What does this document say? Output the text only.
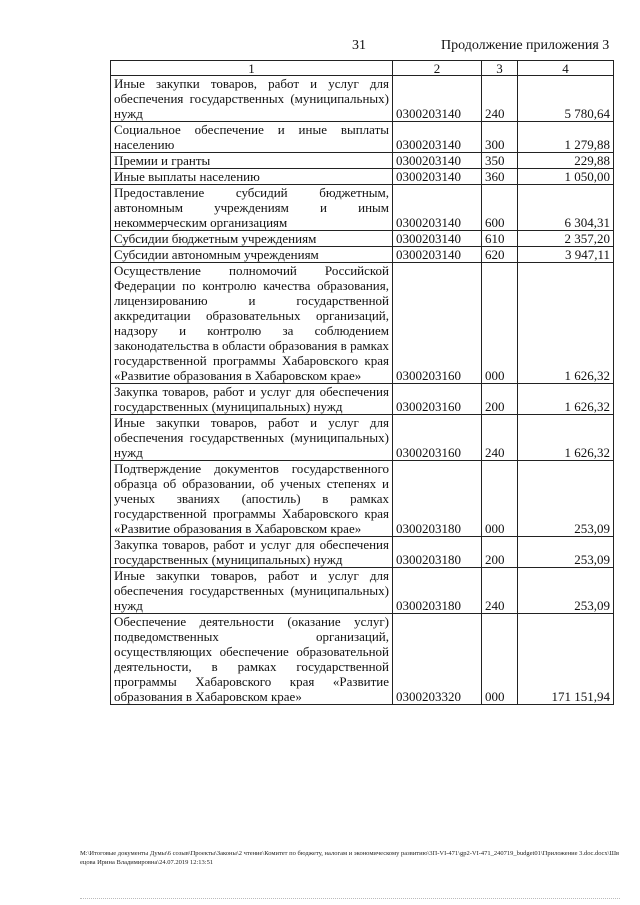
31	Продолжение приложения 3
1	2	3	4
Иные закупки товаров, работ и услуг для обеспечения государственных (муниципальных) нужд	0300203140	240	5 780,64
Социальное обеспечение и иные выплаты населению	0300203140	300	1 279,88
Премии и гранты	0300203140	350	229,88
Иные выплаты населению	0300203140	360	1 050,00
Предоставление субсидий бюджетным, автономным учреждениям и иным некоммерческим организациям	0300203140	600	6 304,31
Субсидии бюджетным учреждениям	0300203140	610	2 357,20
Субсидии автономным учреждениям	0300203140	620	3 947,11
Осуществление полномочий Российской Федерации по контролю качества образования, лицензированию и государственной аккредитации образовательных организаций, надзору и контролю за соблюдением законодательства в области образования в рамках государственной программы Хабаровского края «Развитие образования в Хабаровском крае»	0300203160	000	1 626,32
Закупка товаров, работ и услуг для обеспечения государственных (муниципальных) нужд	0300203160	200	1 626,32
Иные закупки товаров, работ и услуг для обеспечения государственных (муниципальных) нужд	0300203160	240	1 626,32
Подтверждение документов государственного образца об образовании, об ученых степенях и ученых званиях (апостиль) в рамках государственной программы Хабаровского края «Развитие образования в Хабаровском крае»	0300203180	000	253,09
Закупка товаров, работ и услуг для обеспечения государственных (муниципальных) нужд	0300203180	200	253,09
Иные закупки товаров, работ и услуг для обеспечения государственных (муниципальных) нужд	0300203180	240	253,09
Обеспечение деятельности (оказание услуг) подведомственных организаций, осуществляющих обеспечение образовательной деятельности, в рамках государственной программы Хабаровского края «Развитие образования в Хабаровском крае»	0300203320	000	171 151,94
М:\Итоговые документы Думы\6 созыв\Проекты\Законы\2 чтение\Комитет по бюджету, налогам и экономическому развитию\3П-VI-471\gp2-VI-471_240719_budget01\Приложение 3.doc.docx\Швецова Ирина Владимировна\24.07.2019 12:13:51
